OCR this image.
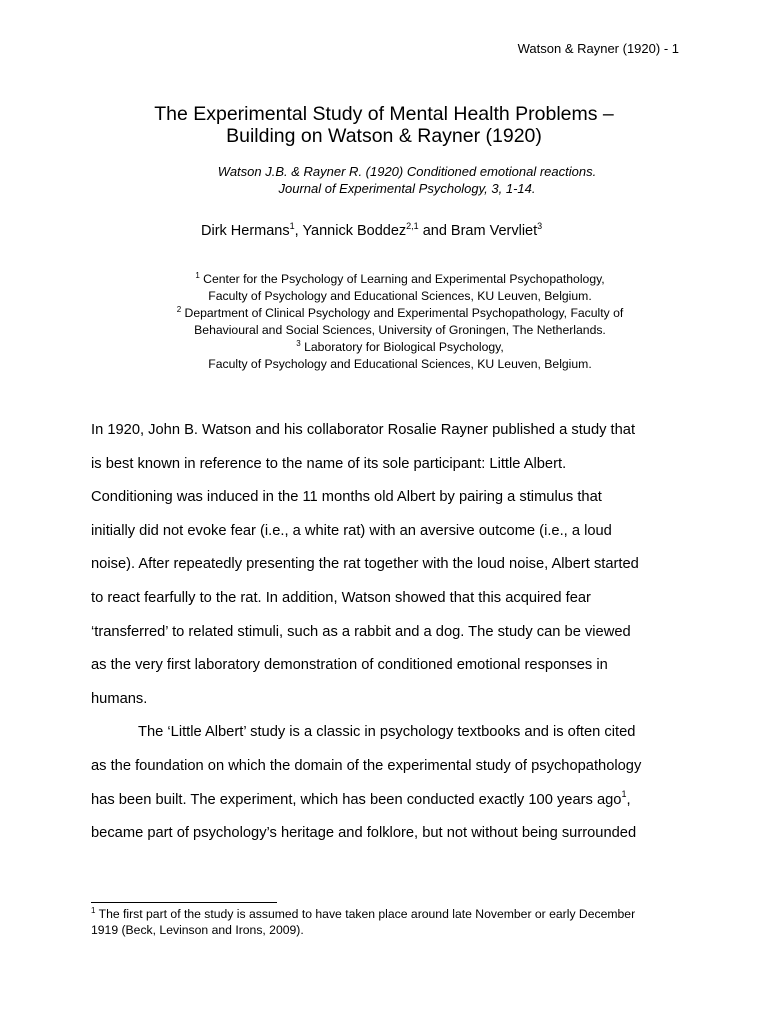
Watson & Rayner (1920) - 1
The Experimental Study of Mental Health Problems –
Building on Watson & Rayner (1920)
Watson J.B. & Rayner R. (1920) Conditioned emotional reactions.
Journal of Experimental Psychology, 3, 1-14.
Dirk Hermans$^1$, Yannick Boddez$^{2,1}$ and Bram Vervliet$^3$
$^1$ Center for the Psychology of Learning and Experimental Psychopathology,
Faculty of Psychology and Educational Sciences, KU Leuven, Belgium.
$^2$ Department of Clinical Psychology and Experimental Psychopathology, Faculty of
Behavioural and Social Sciences, University of Groningen, The Netherlands.
$^3$ Laboratory for Biological Psychology,
Faculty of Psychology and Educational Sciences, KU Leuven, Belgium.
In 1920, John B. Watson and his collaborator Rosalie Rayner published a study that
is best known in reference to the name of its sole participant: Little Albert.
Conditioning was induced in the 11 months old Albert by pairing a stimulus that
initially did not evoke fear (i.e., a white rat) with an aversive outcome (i.e., a loud
noise). After repeatedly presenting the rat together with the loud noise, Albert started
to react fearfully to the rat. In addition, Watson showed that this acquired fear
‘transferred’ to related stimuli, such as a rabbit and a dog. The study can be viewed
as the very first laboratory demonstration of conditioned emotional responses in
humans.
The ‘Little Albert’ study is a classic in psychology textbooks and is often cited
as the foundation on which the domain of the experimental study of psychopathology
has been built. The experiment, which has been conducted exactly 100 years ago$^1$,
became part of psychology’s heritage and folklore, but not without being surrounded
$^1$ The first part of the study is assumed to have taken place around late November or early December
1919 (Beck, Levinson and Irons, 2009).
